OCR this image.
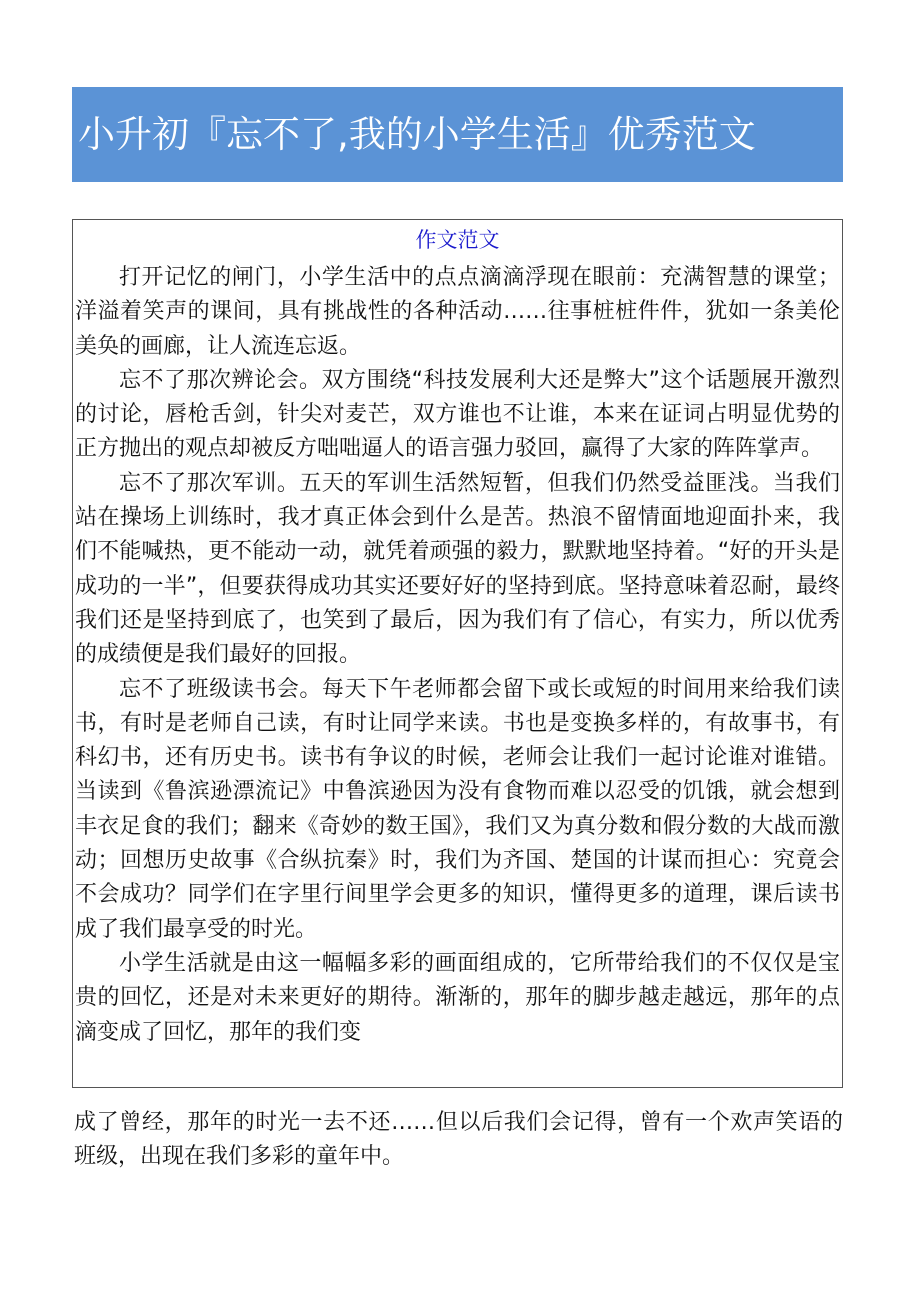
小升初『忘不了,我的小学生活』优秀范文
作文范文

打开记忆的闸门，小学生活中的点点滴滴浮现在眼前：充满智慧的课堂；洋溢着笑声的课间，具有挑战性的各种活动……往事桩桩件件，犹如一条美伦美奂的画廊，让人流连忘返。

忘不了那次辨论会。双方围绕“科技发展利大还是弊大”这个话题展开激烈的讨论，唇枪舌剑，针尖对麦芒，双方谁也不让谁，本来在证词占明显优势的正方抛出的观点却被反方咄咄逼人的语言强力驳回，赢得了大家的阵阵掌声。

忘不了那次军训。五天的军训生活然短暂，但我们仍然受益匪浅。当我们站在操场上训练时，我才真正体会到什么是苦。热浪不留情面地迎面扑来，我们不能喊热，更不能动一动，就凭着顽强的毅力，默默地坚持着。“好的开头是成功的一半”，但要获得成功其实还要好好的坚持到底。坚持意味着忍耐，最终我们还是坚持到底了，也笑到了最后，因为我们有了信心，有实力，所以优秀的成绩便是我们最好的回报。

忘不了班级读书会。每天下午老师都会留下或长或短的时间用来给我们读书，有时是老师自己读，有时让同学来读。书也是变换多样的，有故事书，有科幻书，还有历史书。读书有争议的时候，老师会让我们一起讨论谁对谁错。当读到《鲁滨逊漂流记》中鲁滨逊因为没有食物而难以忍受的饥饿，就会想到丰衣足食的我们；翻来《奇妙的数王国》，我们又为真分数和假分数的大战而激动；回想历史故事《合纵抗秦》时，我们为齐国、楚国的计谋而担心：究竟会不会成功？同学们在字里行间里学会更多的知识，懂得更多的道理，课后读书成了我们最享受的时光。

小学生活就是由这一幅幅多彩的画面组成的，它所带给我们的不仅仅是宝贵的回忆，还是对未来更好的期待。渐渐的，那年的脚步越走越远，那年的点滴变成了回忆，那年的我们变

成了曾经，那年的时光一去不还……但以后我们会记得，曾有一个欢声笑语的班级，出现在我们多彩的童年中。
